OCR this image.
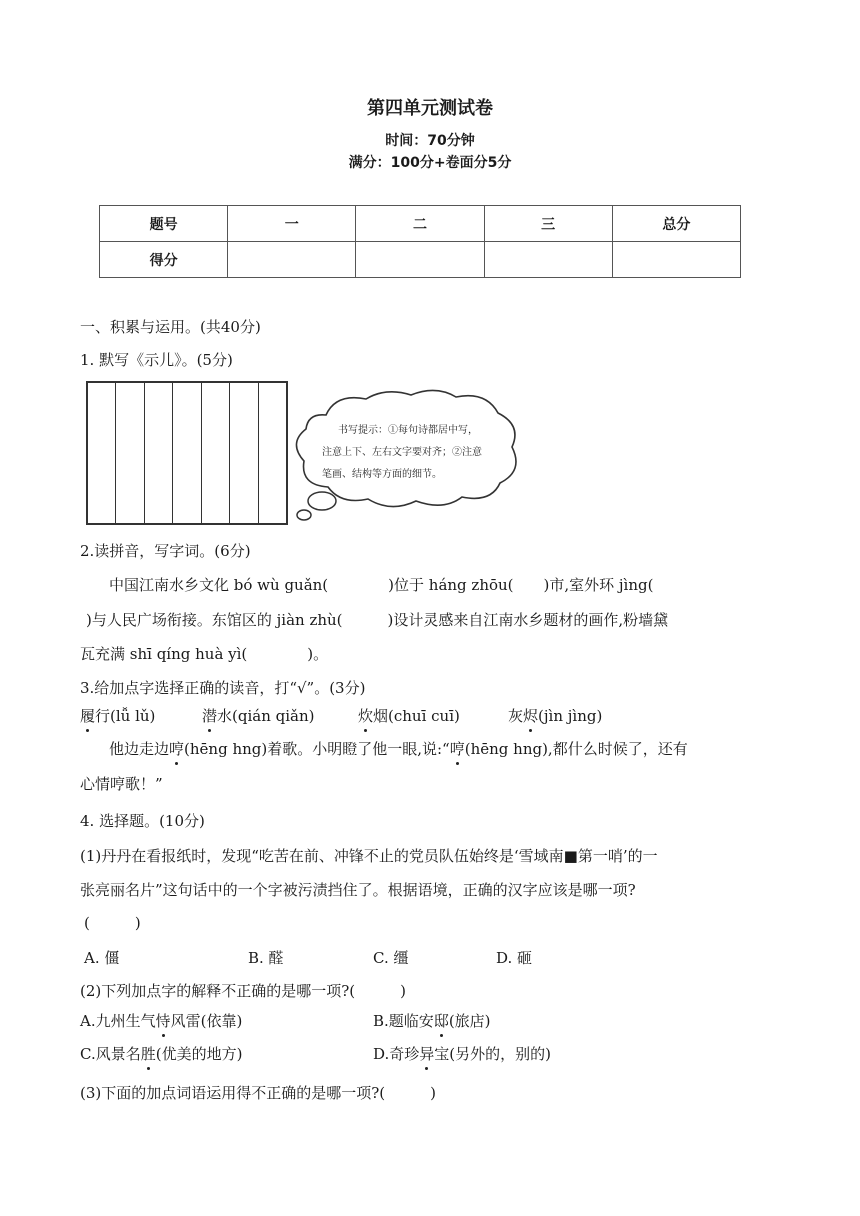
第四单元测试卷
时间：70分钟
满分：100分+卷面分5分
题号	一	二	三	总分
得分				
一、积累与运用。(共40分)
1. 默写《示儿》。(5分)
书写提示：①每句诗都居中写，
注意上下、左右文字要对齐；②注意
笔画、结构等方面的细节。
2.读拼音，写字词。(6分)
中国江南水乡文化 bó wù guǎn(　　　　)位于 háng zhōu(　　)市,室外环 jìng(
)与人民广场衔接。东馆区的 jiàn zhù(　　　)设计灵感来自江南水乡题材的画作,粉墙黛
瓦充满 shī qíng huà yì(　　　　)。
3.给加点字选择正确的读音，打“√”。(3分)
履行(lǚ lǔ)	潜水(qián qiǎn)	炊烟(chuī cuī)	灰烬(jìn jìng)
他边走边哼(hēng hng)着歌。小明瞪了他一眼,说:“哼(hēng hng),都什么时候了，还有
心情哼歌！”
4. 选择题。(10分)
(1)丹丹在看报纸时，发现“吃苦在前、冲锋不止的党员队伍始终是‘雪域南■第一哨’的一
张亮丽名片”这句话中的一个字被污渍挡住了。根据语境，正确的汉字应该是哪一项?
(　　　)
A. 僵	B. 醛	C. 缰	D. 砸
(2)下列加点字的解释不正确的是哪一项?(　　　)
A.九州生气恃风雷(依靠)	B.题临安邸(旅店)
C.风景名胜(优美的地方)	D.奇珍异宝(另外的，别的)
(3)下面的加点词语运用得不正确的是哪一项?(　　　)
